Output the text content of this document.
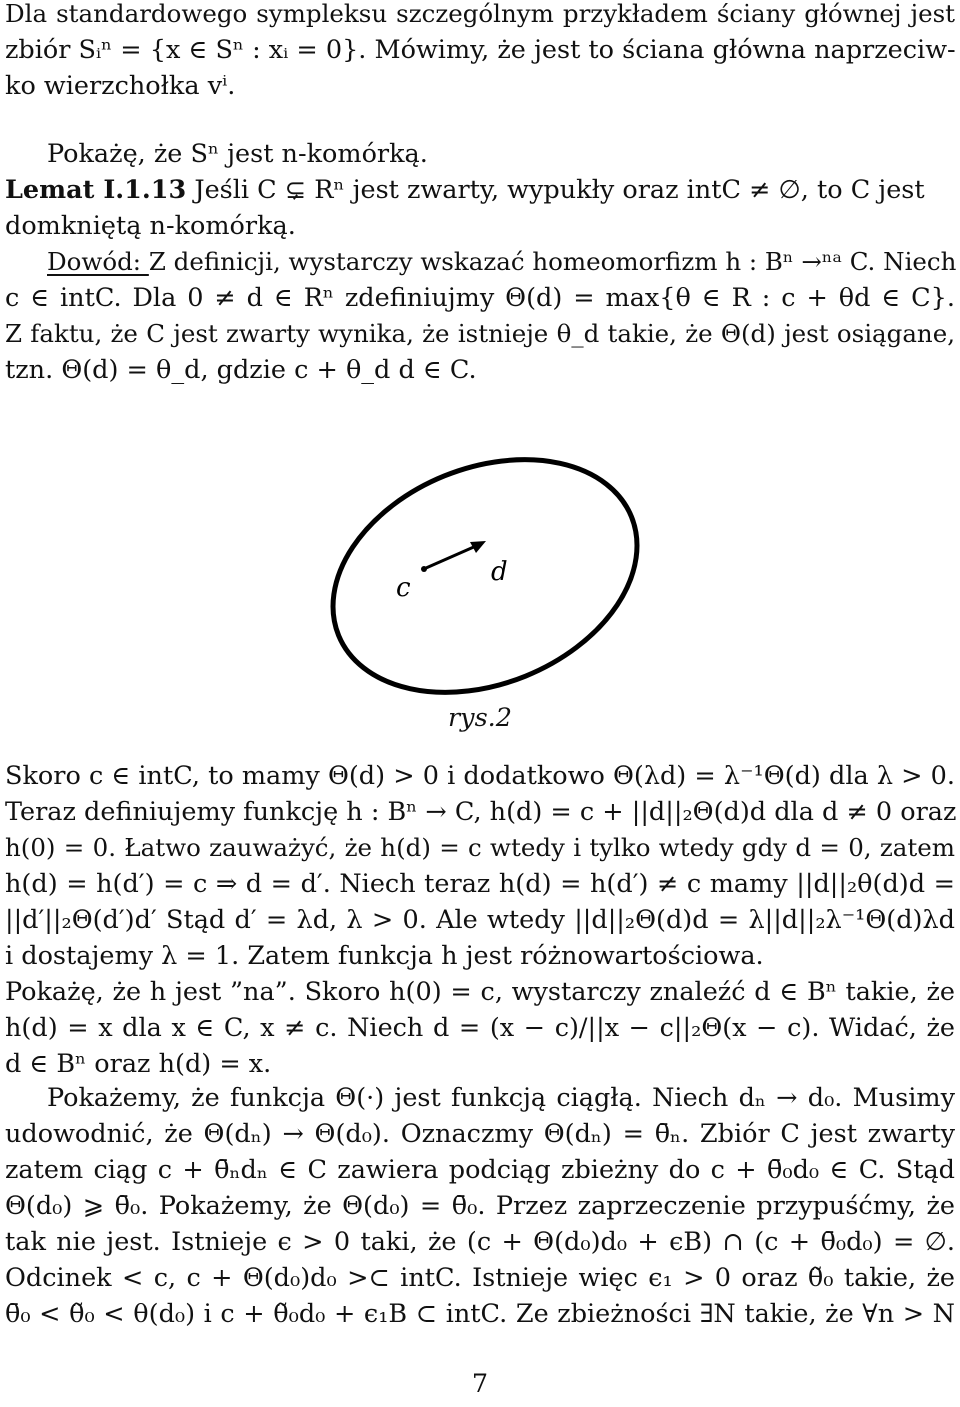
Dla standardowego sympleksu szczególnym przykładem ściany głównej jest
zbiór Sᵢⁿ = {x ∈ Sⁿ : xᵢ = 0}. Mówimy, że jest to ściana główna naprzeciw-
ko wierzchołka vⁱ.
Pokażę, że Sⁿ jest n-komórką.
Lemat I.1.13 Jeśli C ⊊ Rⁿ jest zwarty, wypukły oraz intC ≠ ∅, to C jest
domkniętą n-komórką.
Dowód: Z definicji, wystarczy wskazać homeomorfizm h : Bⁿ →ⁿᵃ C. Niech
c ∈ intC. Dla 0 ≠ d ∈ Rⁿ zdefiniujmy Θ(d) = max{θ ∈ R : c + θd ∈ C}.
Z faktu, że C jest zwarty wynika, że istnieje θ_d takie, że Θ(d) jest osiągane,
tzn. Θ(d) = θ_d, gdzie c + θ_d d ∈ C.
c
d
rys.2
Skoro c ∈ intC, to mamy Θ(d) > 0 i dodatkowo Θ(λd) = λ⁻¹Θ(d) dla λ > 0.
Teraz definiujemy funkcję h : Bⁿ → C, h(d) = c + ||d||₂Θ(d)d dla d ≠ 0 oraz
h(0) = 0. Łatwo zauważyć, że h(d) = c wtedy i tylko wtedy gdy d = 0, zatem
h(d) = h(d′) = c ⇒ d = d′. Niech teraz h(d) = h(d′) ≠ c mamy ||d||₂θ(d)d =
||d′||₂Θ(d′)d′ Stąd d′ = λd, λ > 0. Ale wtedy ||d||₂Θ(d)d = λ||d||₂λ⁻¹Θ(d)λd
i dostajemy λ = 1. Zatem funkcja h jest różnowartościowa.
Pokażę, że h jest ”na”. Skoro h(0) = c, wystarczy znaleźć d ∈ Bⁿ takie, że
h(d) = x dla x ∈ C, x ≠ c. Niech d = (x − c)/||x − c||₂Θ(x − c). Widać, że
d ∈ Bⁿ oraz h(d) = x.
Pokażemy, że funkcja Θ(·) jest funkcją ciągłą. Niech dₙ → d₀. Musimy
udowodnić, że Θ(dₙ) → Θ(d₀). Oznaczmy Θ(dₙ) = θ̄ₙ. Zbiór C jest zwarty
zatem ciąg c + θ̄ₙdₙ ∈ C zawiera podciąg zbieżny do c + θ̄₀d₀ ∈ C. Stąd
Θ(d₀) ⩾ θ̄₀. Pokażemy, że Θ(d₀) = θ̄₀. Przez zaprzeczenie przypuśćmy, że
tak nie jest. Istnieje ϵ > 0 taki, że (c + Θ(d₀)d₀ + ϵB) ∩ (c + θ̄₀d₀) = ∅.
Odcinek < c, c + Θ(d₀)d₀ >⊂ intC. Istnieje więc ϵ₁ > 0 oraz θ̃₀ takie, że
θ̄₀ < θ̃₀ < θ(d₀) i c + θ̃₀d₀ + ϵ₁B ⊂ intC. Ze zbieżności ∃N takie, że ∀n > N
7
